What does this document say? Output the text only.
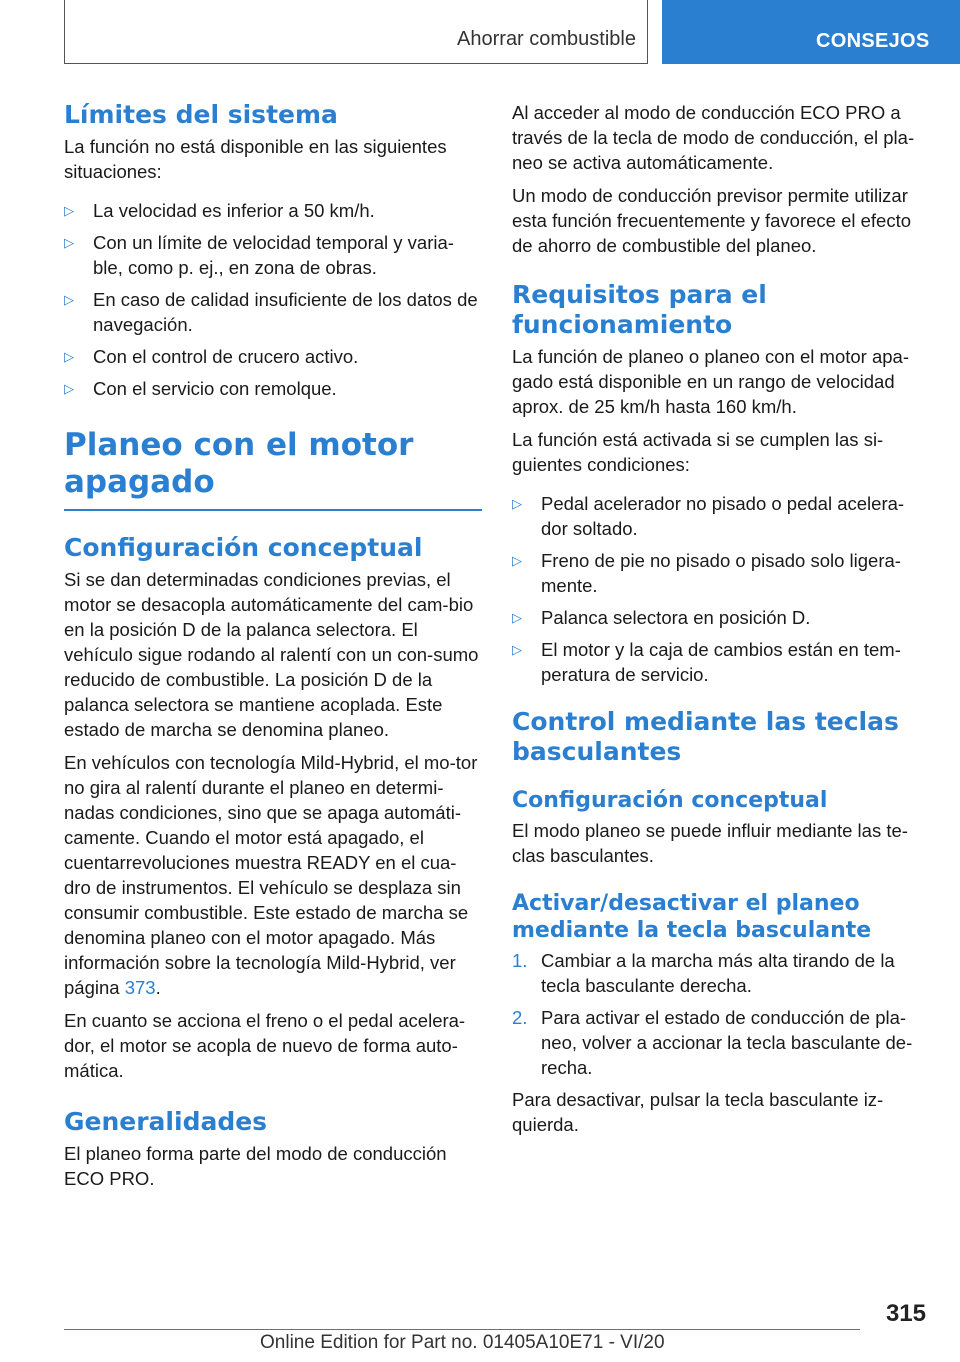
Ahorrar combustible	CONSEJOS
Límites del sistema

La función no está disponible en las siguientes situaciones:

▷ La velocidad es inferior a 50 km/h.
▷ Con un límite de velocidad temporal y varia‐ble, como p. ej., en zona de obras.
▷ En caso de calidad insuficiente de los datos de navegación.
▷ Con el control de crucero activo.
▷ Con el servicio con remolque.
Planeo con el motor apagado
Configuración conceptual

Si se dan determinadas condiciones previas, el motor se desacopla automáticamente del cam‐bio en la posición D de la palanca selectora. El vehículo sigue rodando al ralentí con un con‐sumo reducido de combustible. La posición D de la palanca selectora se mantiene acoplada. Este estado de marcha se denomina planeo.

En vehículos con tecnología Mild-Hybrid, el mo‐tor no gira al ralentí durante el planeo en determi‐nadas condiciones, sino que se apaga automáti‐camente. Cuando el motor está apagado, el cuentarrevoluciones muestra READY en el cua‐dro de instrumentos. El vehículo se desplaza sin consumir combustible. Este estado de marcha se denomina planeo con el motor apagado. Más información sobre la tecnología Mild-Hybrid, ver página 373.

En cuanto se acciona el freno o el pedal acelera‐dor, el motor se acopla de nuevo de forma auto‐mática.

Generalidades

El planeo forma parte del modo de conducción ECO PRO.

Al acceder al modo de conducción ECO PRO a través de la tecla de modo de conducción, el pla‐neo se activa automáticamente.

Un modo de conducción previsor permite utilizar esta función frecuentemente y favorece el efecto de ahorro de combustible del planeo.

Requisitos para el funcionamiento

La función de planeo o planeo con el motor apa‐gado está disponible en un rango de velocidad aprox. de 25 km/h hasta 160 km/h.

La función está activada si se cumplen las si‐guientes condiciones:

▷ Pedal acelerador no pisado o pedal acelera‐dor soltado.
▷ Freno de pie no pisado o pisado solo ligera‐mente.
▷ Palanca selectora en posición D.
▷ El motor y la caja de cambios están en tem‐peratura de servicio.
Control mediante las teclas basculantes
Configuración conceptual

El modo planeo se puede influir mediante las te‐clas basculantes.

Activar/desactivar el planeo mediante la tecla basculante
1. Cambiar a la marcha más alta tirando de la tecla basculante derecha.
2. Para activar el estado de conducción de pla‐neo, volver a accionar la tecla basculante de‐recha.

Para desactivar, pulsar la tecla basculante iz‐quierda.

315
Online Edition for Part no. 01405A10E71 - VI/20
